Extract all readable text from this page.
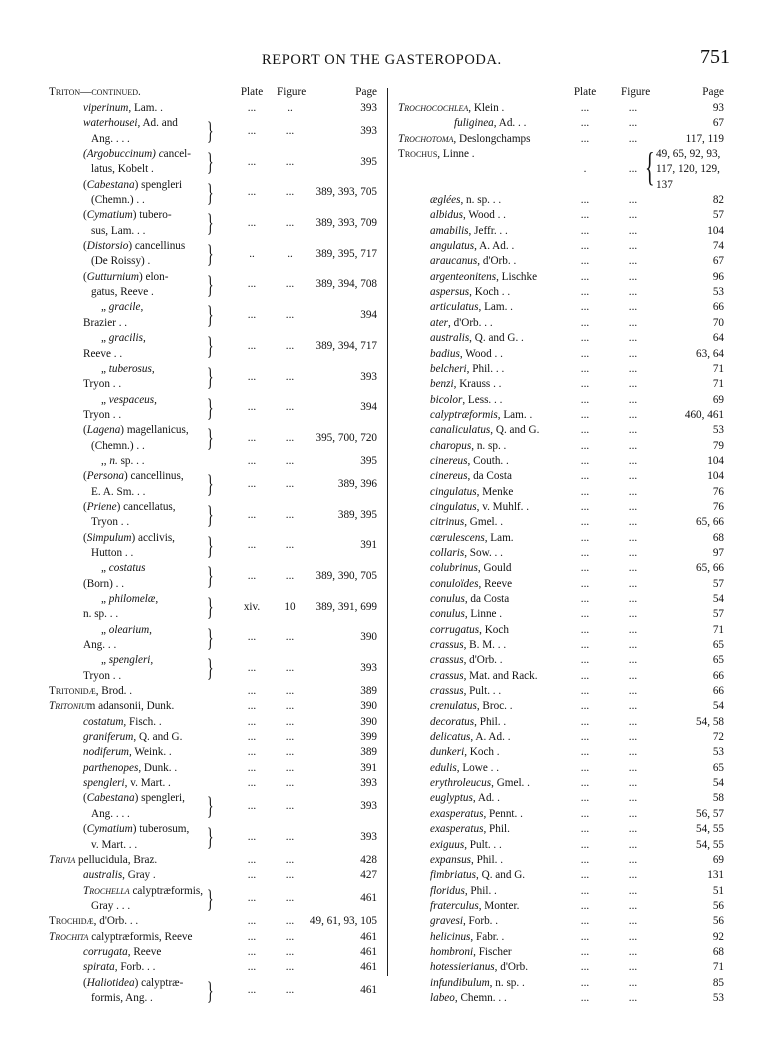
REPORT ON THE GASTEROPODA.	751
Triton—continued.	Plate	Figure	Page
viperinum, Lam. .	...	..	393
waterhousei, Ad. and
Ang. . . .	}	...	...	393
(Argobuccinum) cancel-
latus, Kobelt . }	...	...	395
(Cabestana) spengleri
(Chemn.) . . }	...	...	389, 393, 705
(Cymatium) tubero-
sus, Lam. . . }	...	...	389, 393, 709
(Distorsio) cancellinus
(De Roissy) . }	..	..	389, 395, 717
(Gutturnium) elon-
gatus, Reeve . }	...	...	389, 394, 708
„ gracile,
Brazier . .	}	...	...	394
„ gracilis,
Reeve . .	}	...	...	389, 394, 717
„ tuberosus,
Tryon . .	}	...	...	393
„ vespaceus,
Tryon . .	}	...	...	394
(Lagena) magellanicus,
(Chemn.) . . }	...	...	395, 700, 720
,, n. sp. . .	...	...	395
(Persona) cancellinus,
E. A. Sm. . . }	...	...	389, 396
(Priene) cancellatus,
Tryon . .	}	...	...	389, 395
(Simpulum) acclivis,
Hutton . .	}	...	...	391
„ costatus
(Born) . .	}	...	...	389, 390, 705
„ philomelæ,
n. sp. . .	}	xiv.	10	389, 391, 699
„ olearium,
Ang. . .	}	...	...	390
„ spengleri,
Tryon . .	}	...	...	393
Tritonidæ, Brod. .	...	...	389
Tritonium adansonii, Dunk.	...	...	390
costatum, Fisch. .	...	...	390
graniferum, Q. and G.	...	...	399
nodiferum, Weink. .	...	...	389
parthenopes, Dunk. .	...	...	391
spengleri, v. Mart. .	...	...	393
(Cabestana) spengleri,
Ang. . . .	}	...	...	393
(Cymatium) tuberosum,
v. Mart. . .	}	...	...	393
Trivia pellucidula, Braz.	...	...	428
australis, Gray .	...	...	427
Trochella calyptræformis,
Gray . . .	}	...	...	461
Trochidæ, d'Orb. . .	...	...	49, 61, 93, 105
Trochita calyptræformis, Reeve	...	...	461
corrugata, Reeve	...	...	461
spirata, Forb. . .	...	...	461
(Haliotidea) calyptræ-
formis, Ang. . }	...	...	461
Plate	Figure	Page
Trochocochlea, Klein .	...	...	93
fuliginea, Ad. . .	...	...	67
Trochotoma, Deslongchamps	...	...	117, 119
Trochus, Linne .
.	... { 49, 65, 92, 93,
117, 120, 129,
137
æglées, n. sp. . .	...	...	82
albidus, Wood . .	...	...	57
amabilis, Jeffr. . .	...	...	104
angulatus, A. Ad. .	...	...	74
araucanus, d'Orb. .	...	...	67
argenteonitens, Lischke	...	...	96
aspersus, Koch . .	...	...	53
articulatus, Lam. .	...	...	66
ater, d'Orb. . .	...	...	70
australis, Q. and G. .	...	...	64
badius, Wood . .	...	...	63, 64
belcheri, Phil. . .	...	...	71
benzi, Krauss . .	...	...	71
bicolor, Less. . .	...	...	69
calyptræformis, Lam. .	...	...	460, 461
canaliculatus, Q. and G.	...	...	53
charopus, n. sp. .	...	...	79
cinereus, Couth. .	...	...	104
cinereus, da Costa	...	...	104
cingulatus, Menke	...	...	76
cingulatus, v. Muhlf. .	...	...	76
citrinus, Gmel. .	...	...	65, 66
cærulescens, Lam.	...	...	68
collaris, Sow. . .	...	...	97
colubrinus, Gould	...	...	65, 66
conuloïdes, Reeve	...	...	57
conulus, da Costa	...	...	54
conulus, Linne .	...	...	57
corrugatus, Koch	...	...	71
crassus, B. M. . .	...	...	65
crassus, d'Orb. .	...	...	65
crassus, Mat. and Rack.	...	...	66
crassus, Pult. . .	...	...	66
crenulatus, Broc. .	...	...	54
decoratus, Phil. .	...	...	54, 58
delicatus, A. Ad. .	...	...	72
dunkeri, Koch .	...	...	53
edulis, Lowe . .	...	...	65
erythroleucus, Gmel. .	...	...	54
euglyptus, Ad. .	...	...	58
exasperatus, Pennt. .	...	...	56, 57
exasperatus, Phil.	...	...	54, 55
exiguus, Pult. . .	...	...	54, 55
expansus, Phil. .	...	...	69
fimbriatus, Q. and G.	...	...	131
floridus, Phil. .	...	...	51
fraterculus, Monter.	...	...	56
gravesi, Forb. .	...	...	56
helicinus, Fabr. .	...	...	92
hombroni, Fischer	...	...	68
hotessierianus, d'Orb.	...	...	71
infundibulum, n. sp. .	...	...	85
labeo, Chemn. . .	...	...	53
